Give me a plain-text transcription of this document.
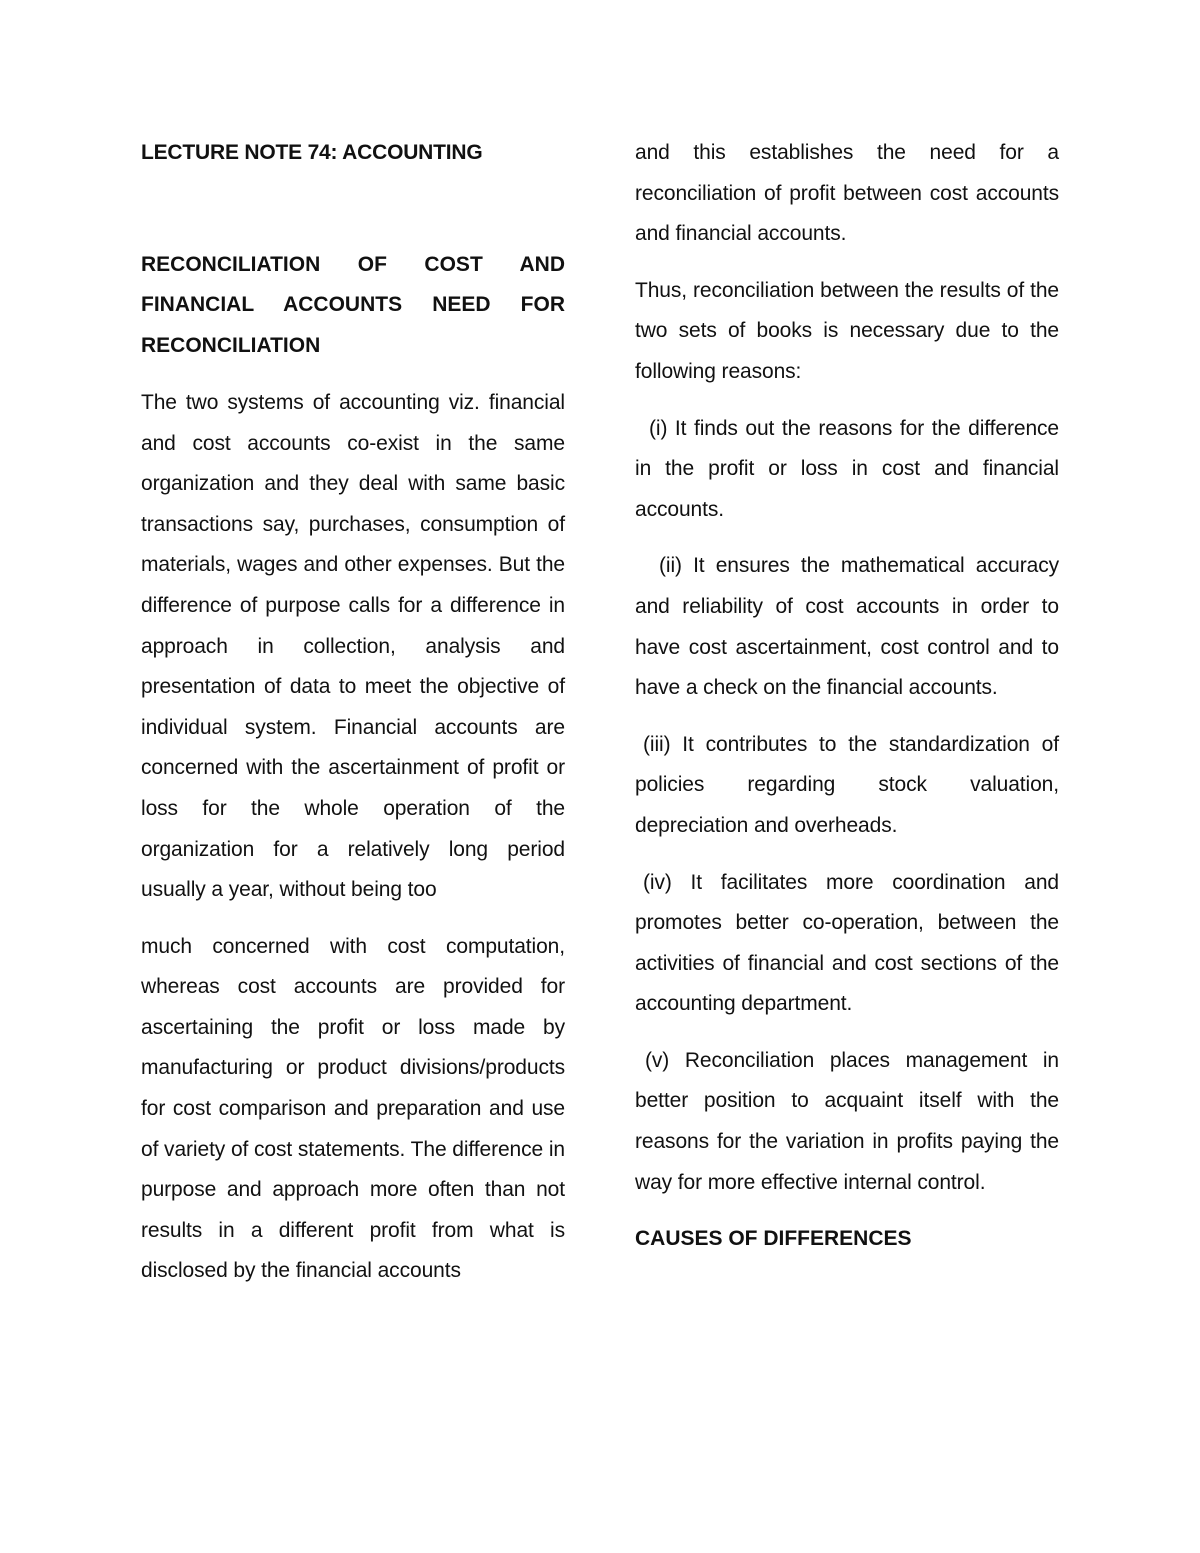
LECTURE NOTE 74: ACCOUNTING
RECONCILIATION OF COST AND FINANCIAL ACCOUNTS NEED FOR RECONCILIATION

The two systems of accounting viz. financial and cost accounts co-exist in the same organization and they deal with same basic transactions say, purchases, consumption of materials, wages and other expenses. But the difference of purpose calls for a difference in approach in collection, analysis and presentation of data to meet the objective of individual system. Financial accounts are concerned with the ascertainment of profit or loss for the whole operation of the organization for a relatively long period usually a year, without being too

much concerned with cost computation, whereas cost accounts are provided for ascertaining the profit or loss made by manufacturing or product divisions/products for cost comparison and preparation and use of variety of cost statements. The difference in purpose and approach more often than not results in a different profit from what is disclosed by the financial accounts

and this establishes the need for a reconciliation of profit between cost accounts and financial accounts.

Thus, reconciliation between the results of the two sets of books is necessary due to the following reasons:

(i) It finds out the reasons for the difference in the profit or loss in cost and financial accounts.

(ii) It ensures the mathematical accuracy and reliability of cost accounts in order to have cost ascertainment, cost control and to have a check on the financial accounts.

(iii) It contributes to the standardization of policies regarding stock valuation, depreciation and overheads.

(iv) It facilitates more coordination and promotes better co-operation, between the activities of financial and cost sections of the accounting department.

(v) Reconciliation places management in better position to acquaint itself with the reasons for the variation in profits paying the way for more effective internal control.

CAUSES OF DIFFERENCES
